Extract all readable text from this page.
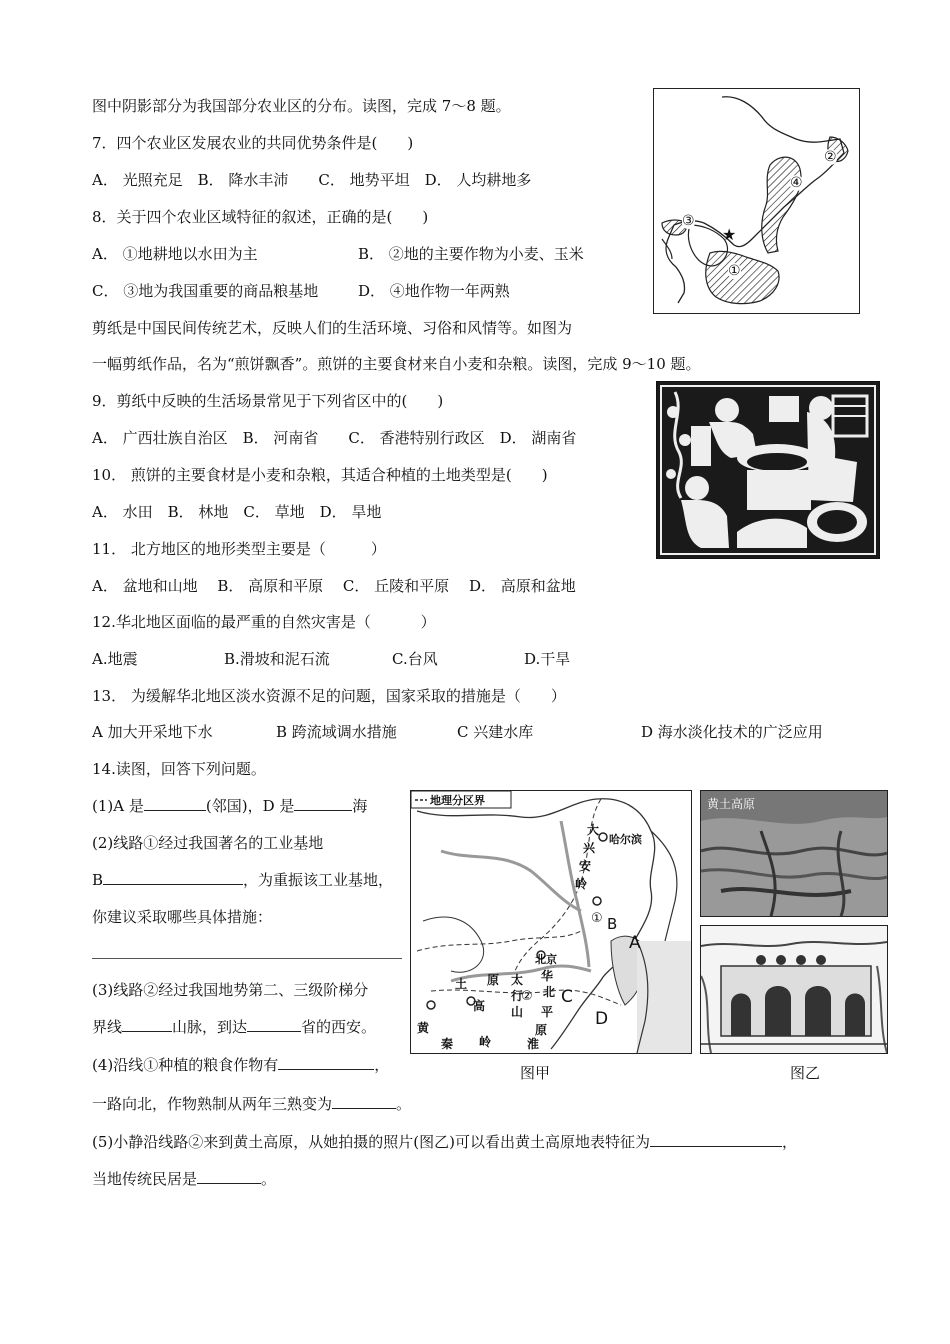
图中阴影部分为我国部分农业区的分布。读图，完成 7～8 题。
7．四个农业区发展农业的共同优势条件是(　　)
A． 光照充足　B． 降水丰沛　　C． 地势平坦　D． 人均耕地多
8．关于四个农业区域特征的叙述，正确的是(　　)
A． ①地耕地以水田为主	B． ②地的主要作物为小麦、玉米
C． ③地为我国重要的商品粮基地	D． ④地作物一年两熟
剪纸是中国民间传统艺术，反映人们的生活环境、习俗和风情等。如图为
一幅剪纸作品，名为“煎饼飘香”。煎饼的主要食材来自小麦和杂粮。读图，完成 9～10 题。
9．剪纸中反映的生活场景常见于下列省区中的(　　)
A． 广西壮族自治区　B． 河南省　　C． 香港特别行政区　D． 湖南省
10． 煎饼的主要食材是小麦和杂粮，其适合种植的土地类型是(　　)
A． 水田　B． 林地　C． 草地　D． 旱地
11． 北方地区的地形类型主要是（　　　）
A． 盆地和山地　 B． 高原和平原　 C． 丘陵和平原　 D． 高原和盆地
12.华北地区面临的最严重的自然灾害是（　　　 ）
A.地震	B.滑坡和泥石流	C.台风	D.干旱
13． 为缓解华北地区淡水资源不足的问题，国家采取的措施是（　　）
A 加大开采地下水	B 跨流域调水措施	C 兴建水库	D 海水淡化技术的广泛应用
14.读图，回答下列问题。
(1)A 是	(邻国)，D 是	海
(2)线路①经过我国著名的工业基地
B	，为重振该工业基地，
你建议采取哪些具体措施：
(3)线路②经过我国地势第二、三级阶梯分
界线	山脉，到达	省的西安。
(4)沿线①种植的粮食作物有	，
一路向北，作物熟制从两年三熟变为	。
(5)小静沿线路②来到黄土高原，从她拍摄的照片(图乙)可以看出黄土高原地表特征为	，
当地传统民居是	。
④
②
③
①
★
地理分区界
大
兴
安
岭
哈尔滨
A
B
C
D
①
②
黄
土
高
原
北京
太
行
山
华
北
平
原
秦 岭	淮
图甲
黄土高原
图乙
